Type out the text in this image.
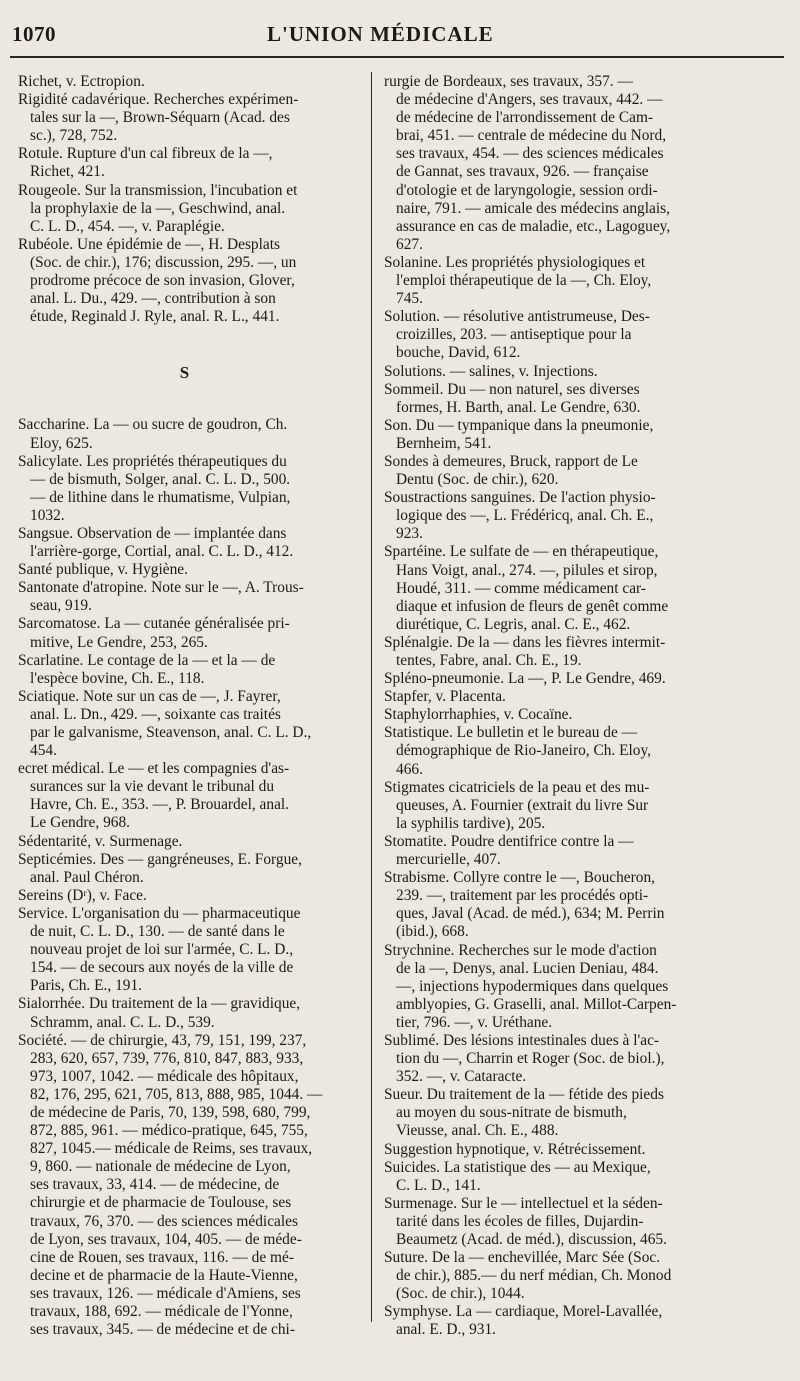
1070	L'UNION MÉDICALE

Richet, v. Ectropion.

Rigidité cadavérique. Recherches expérimen-
tales sur la —, Brown-Séquarn (Acad. des
sc.), 728, 752.

Rotule. Rupture d'un cal fibreux de la —,
Richet, 421.

Rougeole. Sur la transmission, l'incubation et
la prophylaxie de la —, Geschwind, anal.
C. L. D., 454. —, v. Paraplégie.

Rubéole. Une épidémie de —, H. Desplats
(Soc. de chir.), 176; discussion, 295. —, un
prodrome précoce de son invasion, Glover,
anal. L. Du., 429. —, contribution à son
étude, Reginald J. Ryle, anal. R. L., 441.

S

Saccharine. La — ou sucre de goudron, Ch.
Eloy, 625.

Salicylate. Les propriétés thérapeutiques du
— de bismuth, Solger, anal. C. L. D., 500.
— de lithine dans le rhumatisme, Vulpian,
1032.

Sangsue. Observation de — implantée dans
l'arrière-gorge, Cortial, anal. C. L. D., 412.

Santé publique, v. Hygiène.

Santonate d'atropine. Note sur le —, A. Trous-
seau, 919.

Sarcomatose. La — cutanée généralisée pri-
mitive, Le Gendre, 253, 265.

Scarlatine. Le contage de la — et la — de
l'espèce bovine, Ch. E., 118.

Sciatique. Note sur un cas de —, J. Fayrer,
anal. L. Dn., 429. —, soixante cas traités
par le galvanisme, Steavenson, anal. C. L. D.,
454.

ecret médical. Le — et les compagnies d'as-
surances sur la vie devant le tribunal du
Havre, Ch. E., 353. —, P. Brouardel, anal.
Le Gendre, 968.

Sédentarité, v. Surmenage.

Septicémies. Des — gangréneuses, E. Forgue,
anal. Paul Chéron.

Sereins (Dʳ), v. Face.

Service. L'organisation du — pharmaceutique
de nuit, C. L. D., 130. — de santé dans le
nouveau projet de loi sur l'armée, C. L. D.,
154. — de secours aux noyés de la ville de
Paris, Ch. E., 191.

Sialorrhée. Du traitement de la — gravidique,
Schramm, anal. C. L. D., 539.

Société. — de chirurgie, 43, 79, 151, 199, 237,
283, 620, 657, 739, 776, 810, 847, 883, 933,
973, 1007, 1042. — médicale des hôpitaux,
82, 176, 295, 621, 705, 813, 888, 985, 1044. —
de médecine de Paris, 70, 139, 598, 680, 799,
872, 885, 961. — médico-pratique, 645, 755,
827, 1045.— médicale de Reims, ses travaux,
9, 860. — nationale de médecine de Lyon,
ses travaux, 33, 414. — de médecine, de
chirurgie et de pharmacie de Toulouse, ses
travaux, 76, 370. — des sciences médicales
de Lyon, ses travaux, 104, 405. — de méde-
cine de Rouen, ses travaux, 116. — de mé-
decine et de pharmacie de la Haute-Vienne,
ses travaux, 126. — médicale d'Amiens, ses
travaux, 188, 692. — médicale de l'Yonne,
ses travaux, 345. — de médecine et de chi-

rurgie de Bordeaux, ses travaux, 357. —
de médecine d'Angers, ses travaux, 442. —
de médecine de l'arrondissement de Cam-
brai, 451. — centrale de médecine du Nord,
ses travaux, 454. — des sciences médicales
de Gannat, ses travaux, 926. — française
d'otologie et de laryngologie, session ordi-
naire, 791. — amicale des médecins anglais,
assurance en cas de maladie, etc., Lagoguey,
627.

Solanine. Les propriétés physiologiques et
l'emploi thérapeutique de la —, Ch. Eloy,
745.

Solution. — résolutive antistrumeuse, Des-
croizilles, 203. — antiseptique pour la
bouche, David, 612.

Solutions. — salines, v. Injections.

Sommeil. Du — non naturel, ses diverses
formes, H. Barth, anal. Le Gendre, 630.

Son. Du — tympanique dans la pneumonie,
Bernheim, 541.

Sondes à demeures, Bruck, rapport de Le
Dentu (Soc. de chir.), 620.

Soustractions sanguines. De l'action physio-
logique des —, L. Frédéricq, anal. Ch. E.,
923.

Spartéine. Le sulfate de — en thérapeutique,
Hans Voigt, anal., 274. —, pilules et sirop,
Houdé, 311. — comme médicament car-
diaque et infusion de fleurs de genêt comme
diurétique, C. Legris, anal. C. E., 462.

Splénalgie. De la — dans les fièvres intermit-
tentes, Fabre, anal. Ch. E., 19.

Spléno-pneumonie. La —, P. Le Gendre, 469.

Stapfer, v. Placenta.

Staphylorrhaphies, v. Cocaïne.

Statistique. Le bulletin et le bureau de —
démographique de Rio-Janeiro, Ch. Eloy,
466.

Stigmates cicatriciels de la peau et des mu-
queuses, A. Fournier (extrait du livre Sur
la syphilis tardive), 205.

Stomatite. Poudre dentifrice contre la —
mercurielle, 407.

Strabisme. Collyre contre le —, Boucheron,
239. —, traitement par les procédés opti-
ques, Javal (Acad. de méd.), 634; M. Perrin
(ibid.), 668.

Strychnine. Recherches sur le mode d'action
de la —, Denys, anal. Lucien Deniau, 484.
—, injections hypodermiques dans quelques
amblyopies, G. Graselli, anal. Millot-Carpen-
tier, 796. —, v. Uréthane.

Sublimé. Des lésions intestinales dues à l'ac-
tion du —, Charrin et Roger (Soc. de biol.),
352. —, v. Cataracte.

Sueur. Du traitement de la — fétide des pieds
au moyen du sous-nitrate de bismuth,
Vieusse, anal. Ch. E., 488.

Suggestion hypnotique, v. Rétrécissement.

Suicides. La statistique des — au Mexique,
C. L. D., 141.

Surmenage. Sur le — intellectuel et la séden-
tarité dans les écoles de filles, Dujardin-
Beaumetz (Acad. de méd.), discussion, 465.

Suture. De la — enchevillée, Marc Sée (Soc.
de chir.), 885.— du nerf médian, Ch. Monod
(Soc. de chir.), 1044.

Symphyse. La — cardiaque, Morel-Lavallée,
anal. E. D., 931.
